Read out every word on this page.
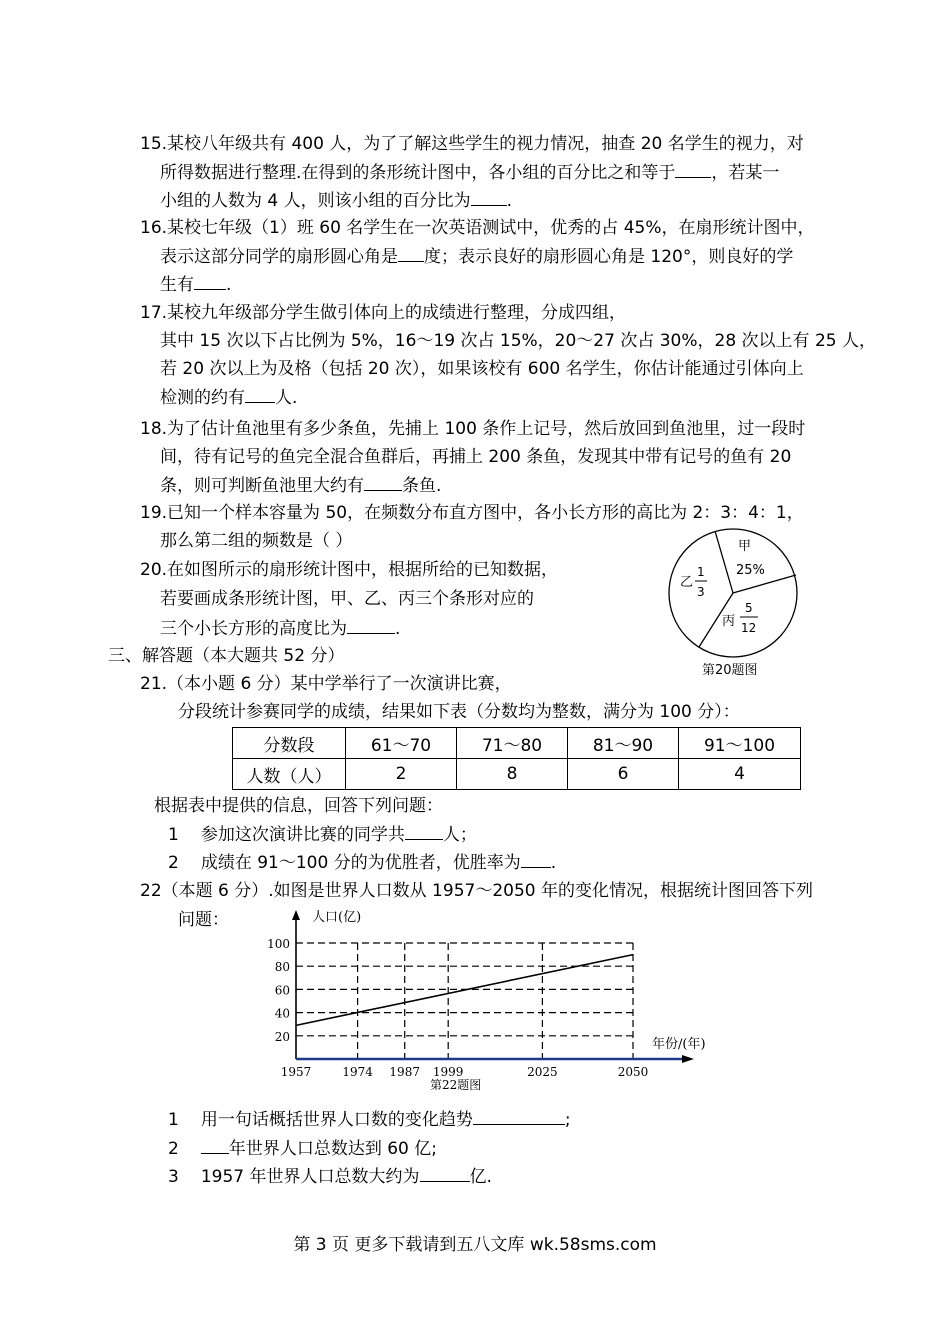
15.某校八年级共有 400 人，为了了解这些学生的视力情况，抽查 20 名学生的视力，对
所得数据进行整理.在得到的条形统计图中，各小组的百分比之和等于 ，若某一
小组的人数为 4 人，则该小组的百分比为 .
16.某校七年级（1）班 60 名学生在一次英语测试中，优秀的占 45%，在扇形统计图中，
表示这部分同学的扇形圆心角是 度；表示良好的扇形圆心角是 120°，则良好的学
生有 .
17.某校九年级部分学生做引体向上的成绩进行整理，分成四组，
其中 15 次以下占比例为 5%，16～19 次占 15%，20～27 次占 30%，28 次以上有 25 人，
若 20 次以上为及格（包括 20 次），如果该校有 600 名学生，你估计能通过引体向上
检测的约有 人.
18.为了估计鱼池里有多少条鱼，先捕上 100 条作上记号，然后放回到鱼池里，过一段时
间，待有记号的鱼完全混合鱼群后，再捕上 200 条鱼，发现其中带有记号的鱼有 20
条，则可判断鱼池里大约有 条鱼.
19.已知一个样本容量为 50，在频数分布直方图中，各小长方形的高比为 2：3：4：1，
那么第二组的频数是（ ）
20.在如图所示的扇形统计图中，根据所给的已知数据，
若要画成条形统计图，甲、乙、丙三个条形对应的
三个小长方形的高度比为	.
甲
25%
乙
1
3
丙
5
12
第20题图
三、解答题（本大题共 52 分）
21.（本小题 6 分）某中学举行了一次演讲比赛，
分段统计参赛同学的成绩，结果如下表（分数均为整数，满分为 100 分）：
分数段	61～70	71～80	81～90	91～100
人数（人）	2	8	6	4
根据表中提供的信息，回答下列问题：
1 参加这次演讲比赛的同学共 人；
2 成绩在 91～100 分的为优胜者，优胜率为 .
22（本题 6 分）.如图是世界人口数从 1957～2050 年的变化情况，根据统计图回答下列
问题：
20
40
60
80
100
1957	1974 1987 1999	2025	2050
人口(亿)
年份/(年)
第22题图
1 用一句话概括世界人口数的变化趋势	;
2	年世界人口总数达到 60 亿;
3 1957 年世界人口总数大约为	亿.
第 3 页 更多下载请到五八文库 wk.58sms.com
